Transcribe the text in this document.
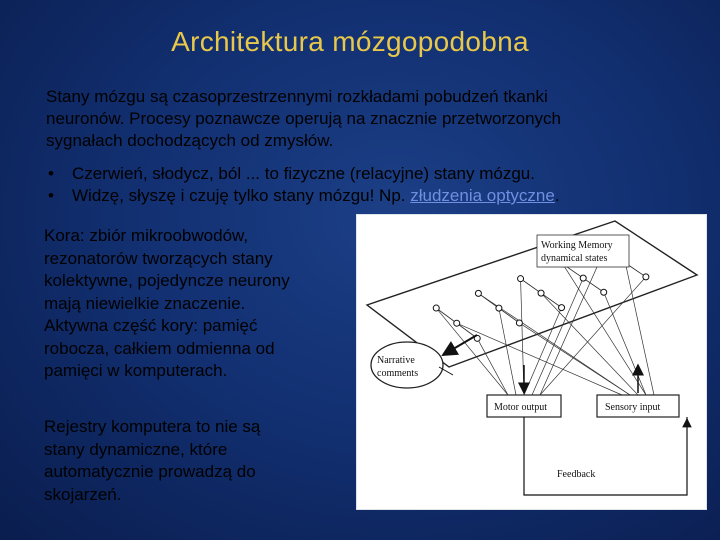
Architektura mózgopodobna
Stany mózgu są czasoprzestrzennymi rozkładami pobudzeń tkanki
neuronów. Procesy poznawcze operują na znacznie przetworzonych
sygnałach dochodzących od zmysłów.
• Czerwień, słodycz, ból ... to fizyczne (relacyjne) stany mózgu.
• Widzę, słyszę i czuję tylko stany mózgu! Np. złudzenia optyczne.
Kora: zbiór mikroobwodów,
rezonatorów tworzących stany
kolektywne, pojedyncze neurony
mają niewielkie znaczenie.
Aktywna część kory: pamięć
robocza, całkiem odmienna od
pamięci w komputerach.
Rejestry komputera to nie są
stany dynamiczne, które
automatycznie prowadzą do
skojarzeń.
Working Memory
dynamical states
Narrative
comments
Motor output	Sensory input
Feedback
